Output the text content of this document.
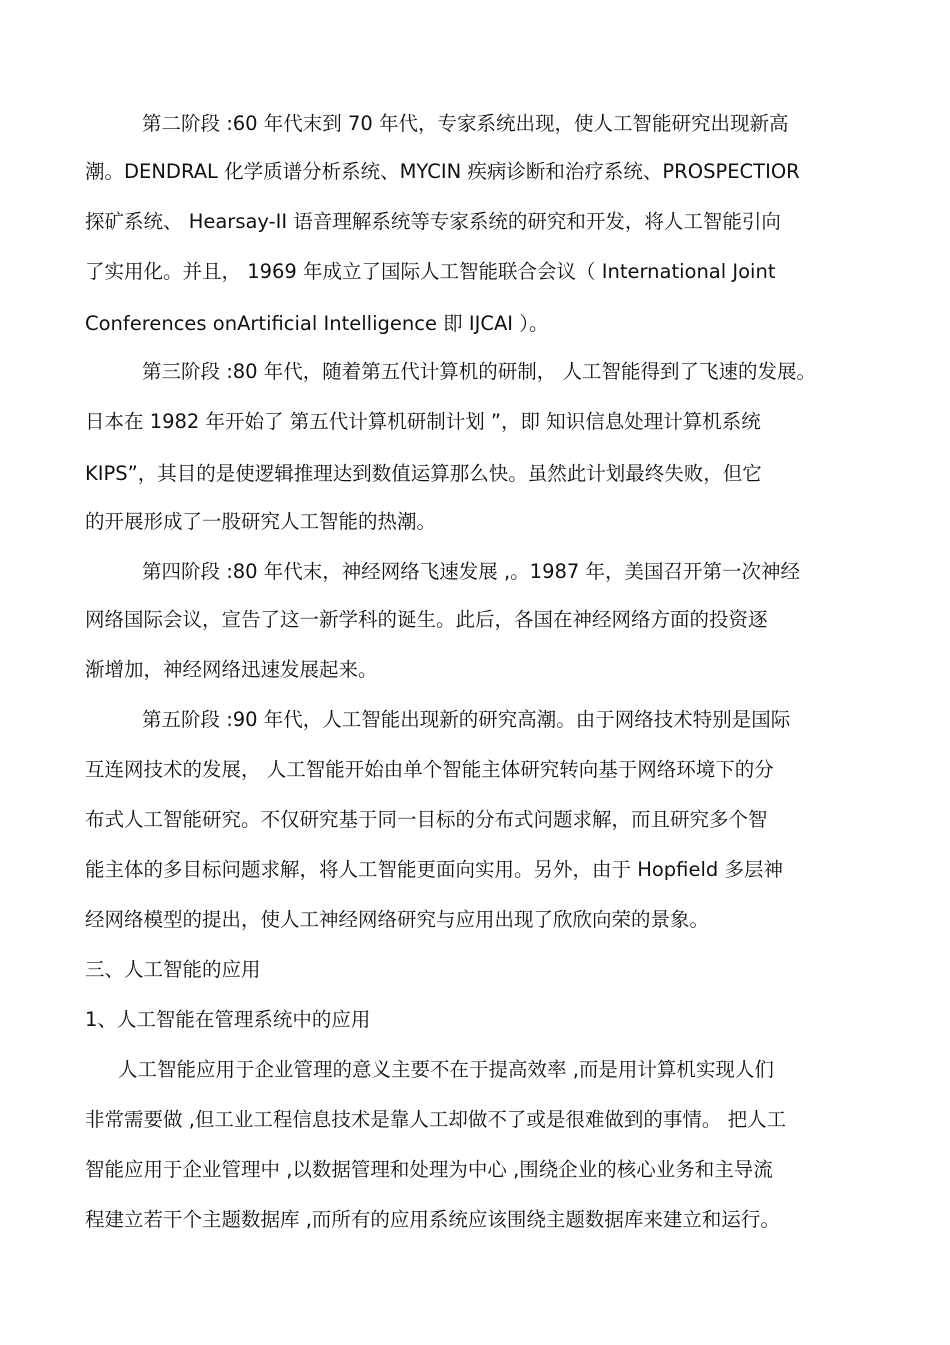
第二阶段 :60 年代末到 70 年代，专家系统出现，使人工智能研究出现新高
潮。DENDRAL 化学质谱分析系统、MYCIN 疾病诊断和治疗系统、PROSPECTIOR
探矿系统、 Hearsay-II 语音理解系统等专家系统的研究和开发，将人工智能引向
了实用化。并且， 1969 年成立了国际人工智能联合会议（ International Joint
Conferences onArtificial Intelligence 即 IJCAI ）。
第三阶段 :80 年代，随着第五代计算机的研制， 人工智能得到了飞速的发展。
日本在 1982 年开始了 第五代计算机研制计划 ”，即 知识信息处理计算机系统
KIPS”，其目的是使逻辑推理达到数值运算那么快。虽然此计划最终失败，但它
的开展形成了一股研究人工智能的热潮。
第四阶段 :80 年代末，神经网络飞速发展 ,。1987 年，美国召开第一次神经
网络国际会议，宣告了这一新学科的诞生。此后，各国在神经网络方面的投资逐
渐增加，神经网络迅速发展起来。
第五阶段 :90 年代，人工智能出现新的研究高潮。由于网络技术特别是国际
互连网技术的发展， 人工智能开始由单个智能主体研究转向基于网络环境下的分
布式人工智能研究。不仅研究基于同一目标的分布式问题求解，而且研究多个智
能主体的多目标问题求解，将人工智能更面向实用。另外，由于 Hopfield 多层神
经网络模型的提出，使人工神经网络研究与应用出现了欣欣向荣的景象。
三、人工智能的应用
1、人工智能在管理系统中的应用
人工智能应用于企业管理的意义主要不在于提高效率 ,而是用计算机实现人们
非常需要做 ,但工业工程信息技术是靠人工却做不了或是很难做到的事情。 把人工
智能应用于企业管理中 ,以数据管理和处理为中心 ,围绕企业的核心业务和主导流
程建立若干个主题数据库 ,而所有的应用系统应该围绕主题数据库来建立和运行。
